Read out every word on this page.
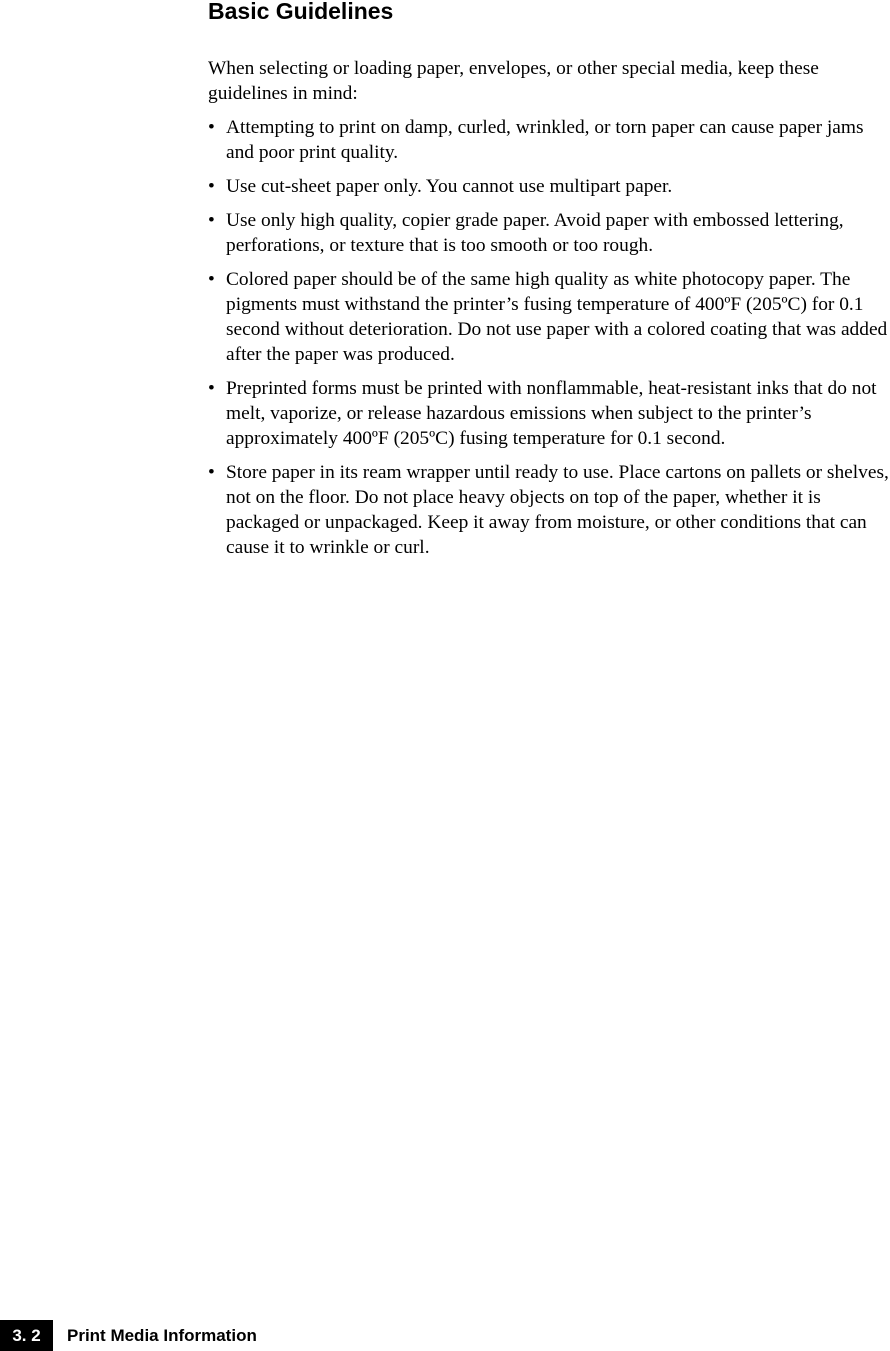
Basic Guidelines

When selecting or loading paper, envelopes, or other special media, keep these guidelines in mind:

• Attempting to print on damp, curled, wrinkled, or torn paper can cause paper jams and poor print quality.
• Use cut-sheet paper only. You cannot use multipart paper.
• Use only high quality, copier grade paper. Avoid paper with embossed lettering, perforations, or texture that is too smooth or too rough.
• Colored paper should be of the same high quality as white photocopy paper. The pigments must withstand the printer’s fusing temperature of 400ºF (205ºC) for 0.1 second without deterioration. Do not use paper with a colored coating that was added after the paper was produced.
• Preprinted forms must be printed with nonflammable, heat-resistant inks that do not melt, vaporize, or release hazardous emissions when subject to the printer’s approximately 400ºF (205ºC) fusing temperature for 0.1 second.
• Store paper in its ream wrapper until ready to use. Place cartons on pallets or shelves, not on the floor. Do not place heavy objects on top of the paper, whether it is packaged or unpackaged. Keep it away from moisture, or other conditions that can cause it to wrinkle or curl.
3. 2	Print Media Information
